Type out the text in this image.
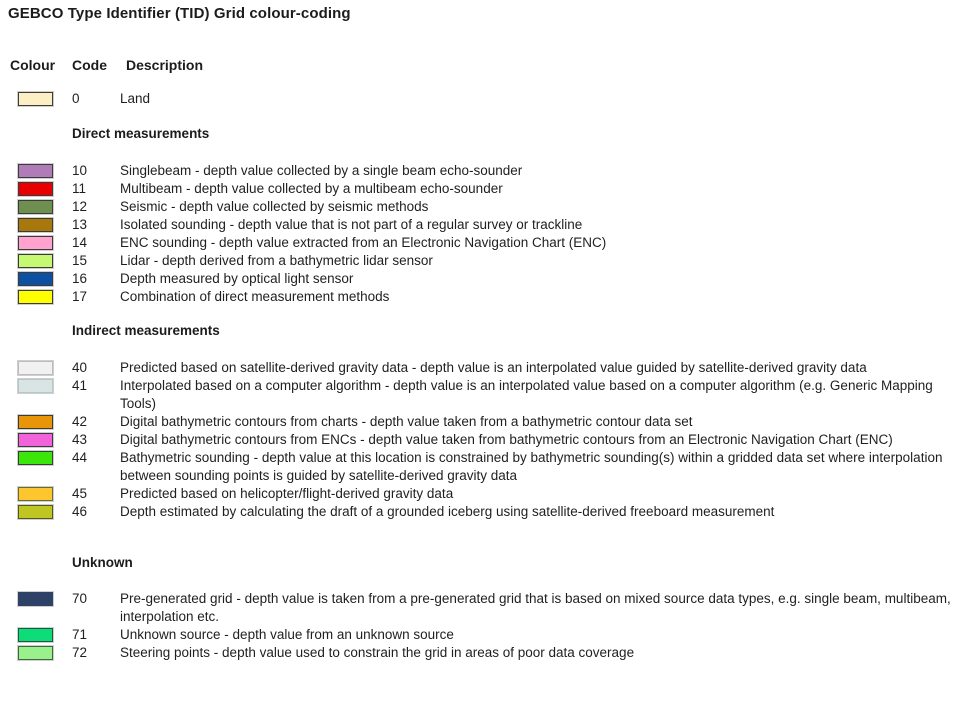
GEBCO Type Identifier (TID) Grid colour-coding
Colour	Code	Description
0	Land
Direct measurements
10	Singlebeam - depth value collected by a single beam echo-sounder
11	Multibeam - depth value collected by a multibeam echo-sounder
12	Seismic - depth value collected by seismic methods
13	Isolated sounding - depth value that is not part of a regular survey or trackline
14	ENC sounding - depth value extracted from an Electronic Navigation Chart (ENC)
15	Lidar - depth derived from a bathymetric lidar sensor
16	Depth measured by optical light sensor
17	Combination of direct measurement methods
Indirect measurements
40	Predicted based on satellite-derived gravity data - depth value is an interpolated value guided by satellite-derived gravity data
41	Interpolated based on a computer algorithm - depth value is an interpolated value based on a computer algorithm (e.g. Generic Mapping Tools)
42	Digital bathymetric contours from charts - depth value taken from a bathymetric contour data set
43	Digital bathymetric contours from ENCs - depth value taken from bathymetric contours from an Electronic Navigation Chart (ENC)
44	Bathymetric sounding - depth value at this location is constrained by bathymetric sounding(s) within a gridded data set where interpolation between sounding points is guided by satellite-derived gravity data
45	Predicted based on helicopter/flight-derived gravity data
46	Depth estimated by calculating the draft of a grounded iceberg using satellite-derived freeboard measurement
Unknown
70	Pre-generated grid - depth value is taken from a pre-generated grid that is based on mixed source data types, e.g. single beam, multibeam, interpolation etc.
71	Unknown source - depth value from an unknown source
72	Steering points - depth value used to constrain the grid in areas of poor data coverage
